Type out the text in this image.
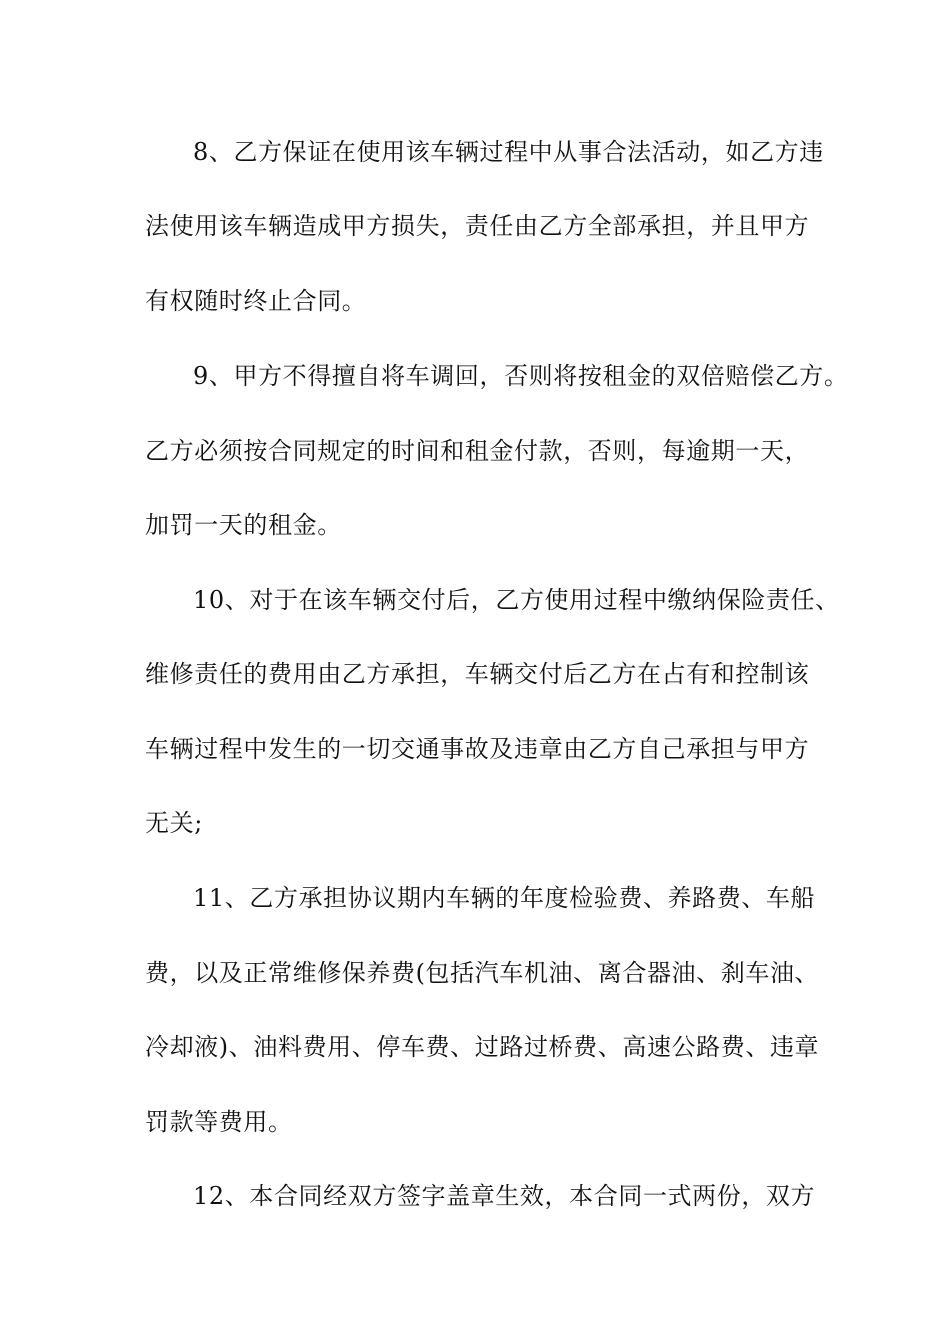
8、乙方保证在使用该车辆过程中从事合法活动，如乙方违
法使用该车辆造成甲方损失，责任由乙方全部承担，并且甲方
有权随时终止合同。
9、甲方不得擅自将车调回，否则将按租金的双倍赔偿乙方。
乙方必须按合同规定的时间和租金付款，否则，每逾期一天，
加罚一天的租金。
10、对于在该车辆交付后，乙方使用过程中缴纳保险责任、
维修责任的费用由乙方承担，车辆交付后乙方在占有和控制该
车辆过程中发生的一切交通事故及违章由乙方自己承担与甲方
无关;
11、乙方承担协议期内车辆的年度检验费、养路费、车船
费，以及正常维修保养费(包括汽车机油、离合器油、刹车油、
冷却液)、油料费用、停车费、过路过桥费、高速公路费、违章
罚款等费用。
12、本合同经双方签字盖章生效，本合同一式两份，双方
